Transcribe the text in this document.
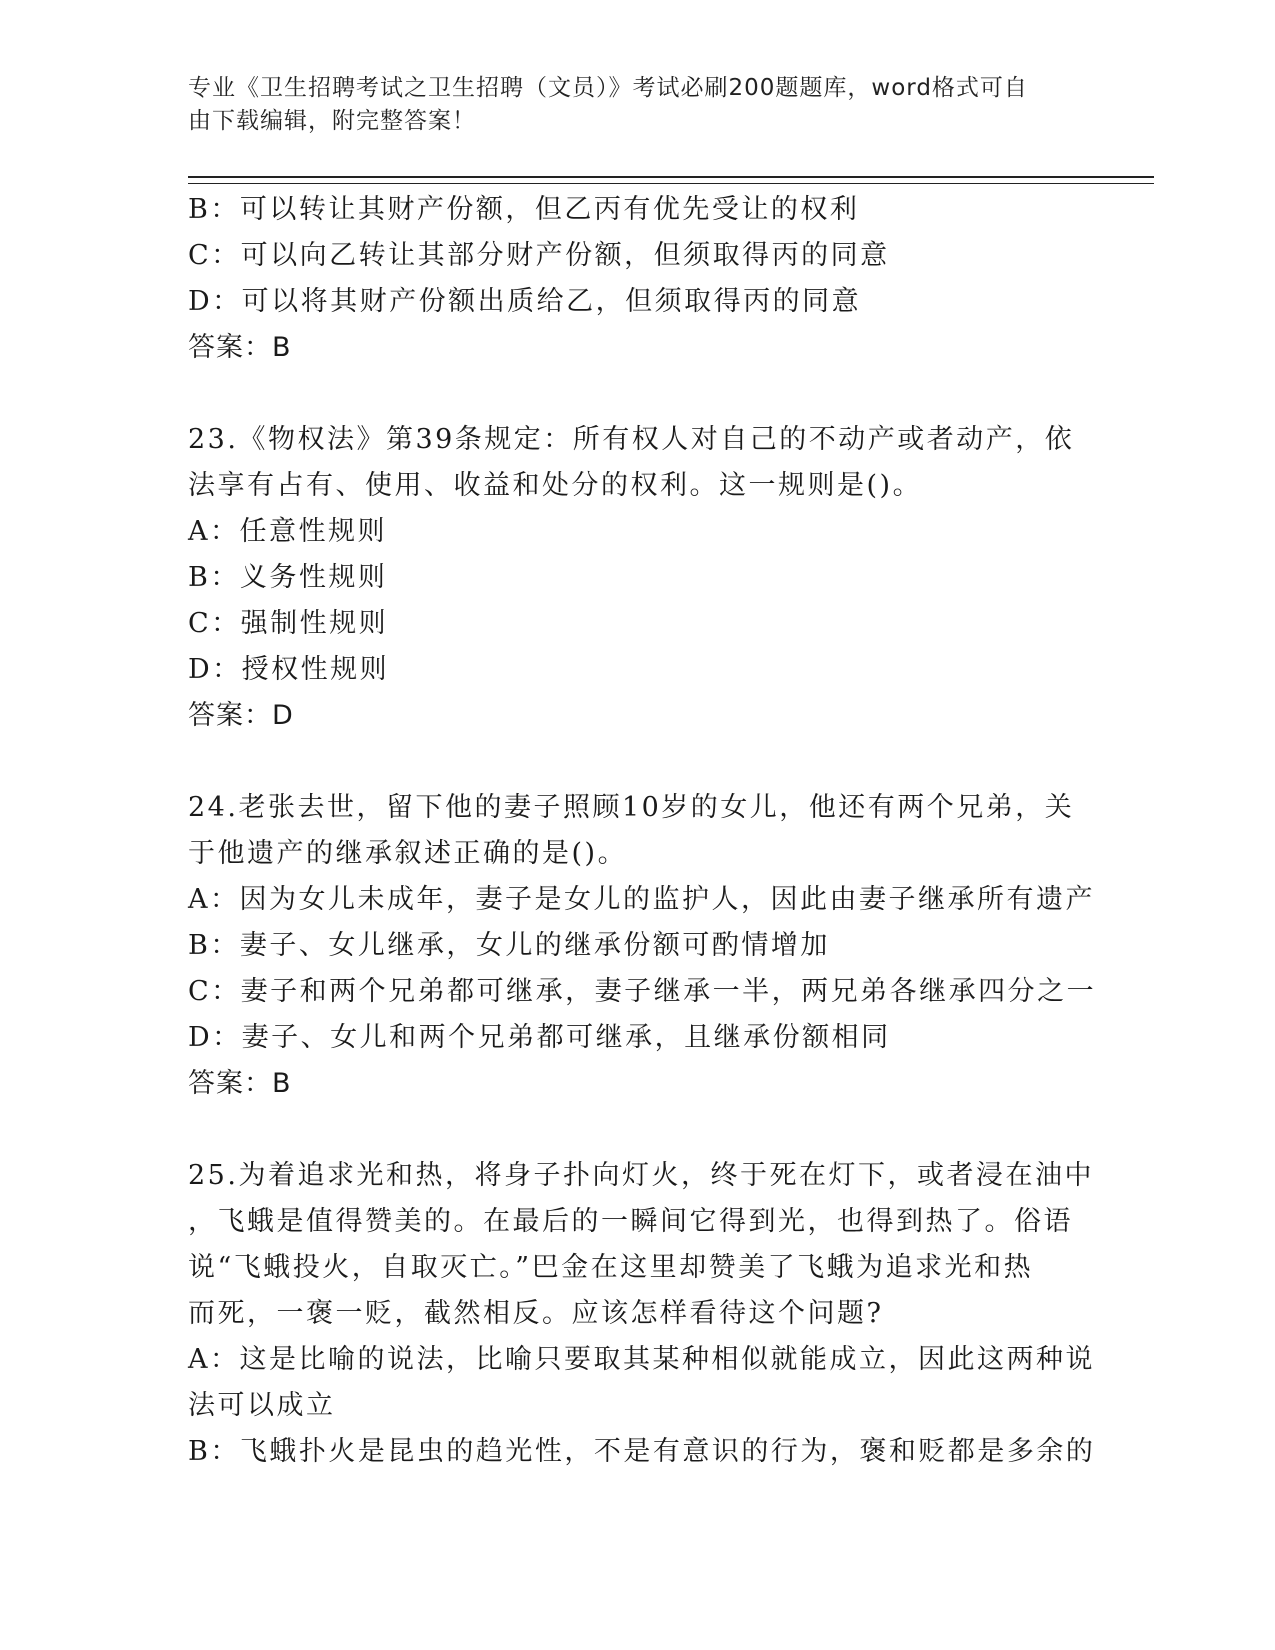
专业《卫生招聘考试之卫生招聘（文员）》考试必刷200题题库，word格式可自
由下载编辑，附完整答案！
B：可以转让其财产份额，但乙丙有优先受让的权利
C：可以向乙转让其部分财产份额，但须取得丙的同意
D：可以将其财产份额出质给乙，但须取得丙的同意
答案：B
23.《物权法》第39条规定：所有权人对自己的不动产或者动产，依
法享有占有、使用、收益和处分的权利。这一规则是()。
A：任意性规则
B：义务性规则
C：强制性规则
D：授权性规则
答案：D
24.老张去世，留下他的妻子照顾10岁的女儿，他还有两个兄弟，关
于他遗产的继承叙述正确的是()。
A：因为女儿未成年，妻子是女儿的监护人，因此由妻子继承所有遗产
B：妻子、女儿继承，女儿的继承份额可酌情增加
C：妻子和两个兄弟都可继承，妻子继承一半，两兄弟各继承四分之一
D：妻子、女儿和两个兄弟都可继承，且继承份额相同
答案：B
25.为着追求光和热，将身子扑向灯火，终于死在灯下，或者浸在油中
，飞蛾是值得赞美的。在最后的一瞬间它得到光，也得到热了。俗语
说“飞蛾投火，自取灭亡。”巴金在这里却赞美了飞蛾为追求光和热
而死，一褒一贬，截然相反。应该怎样看待这个问题?
A：这是比喻的说法，比喻只要取其某种相似就能成立，因此这两种说
法可以成立
B：飞蛾扑火是昆虫的趋光性，不是有意识的行为，褒和贬都是多余的
